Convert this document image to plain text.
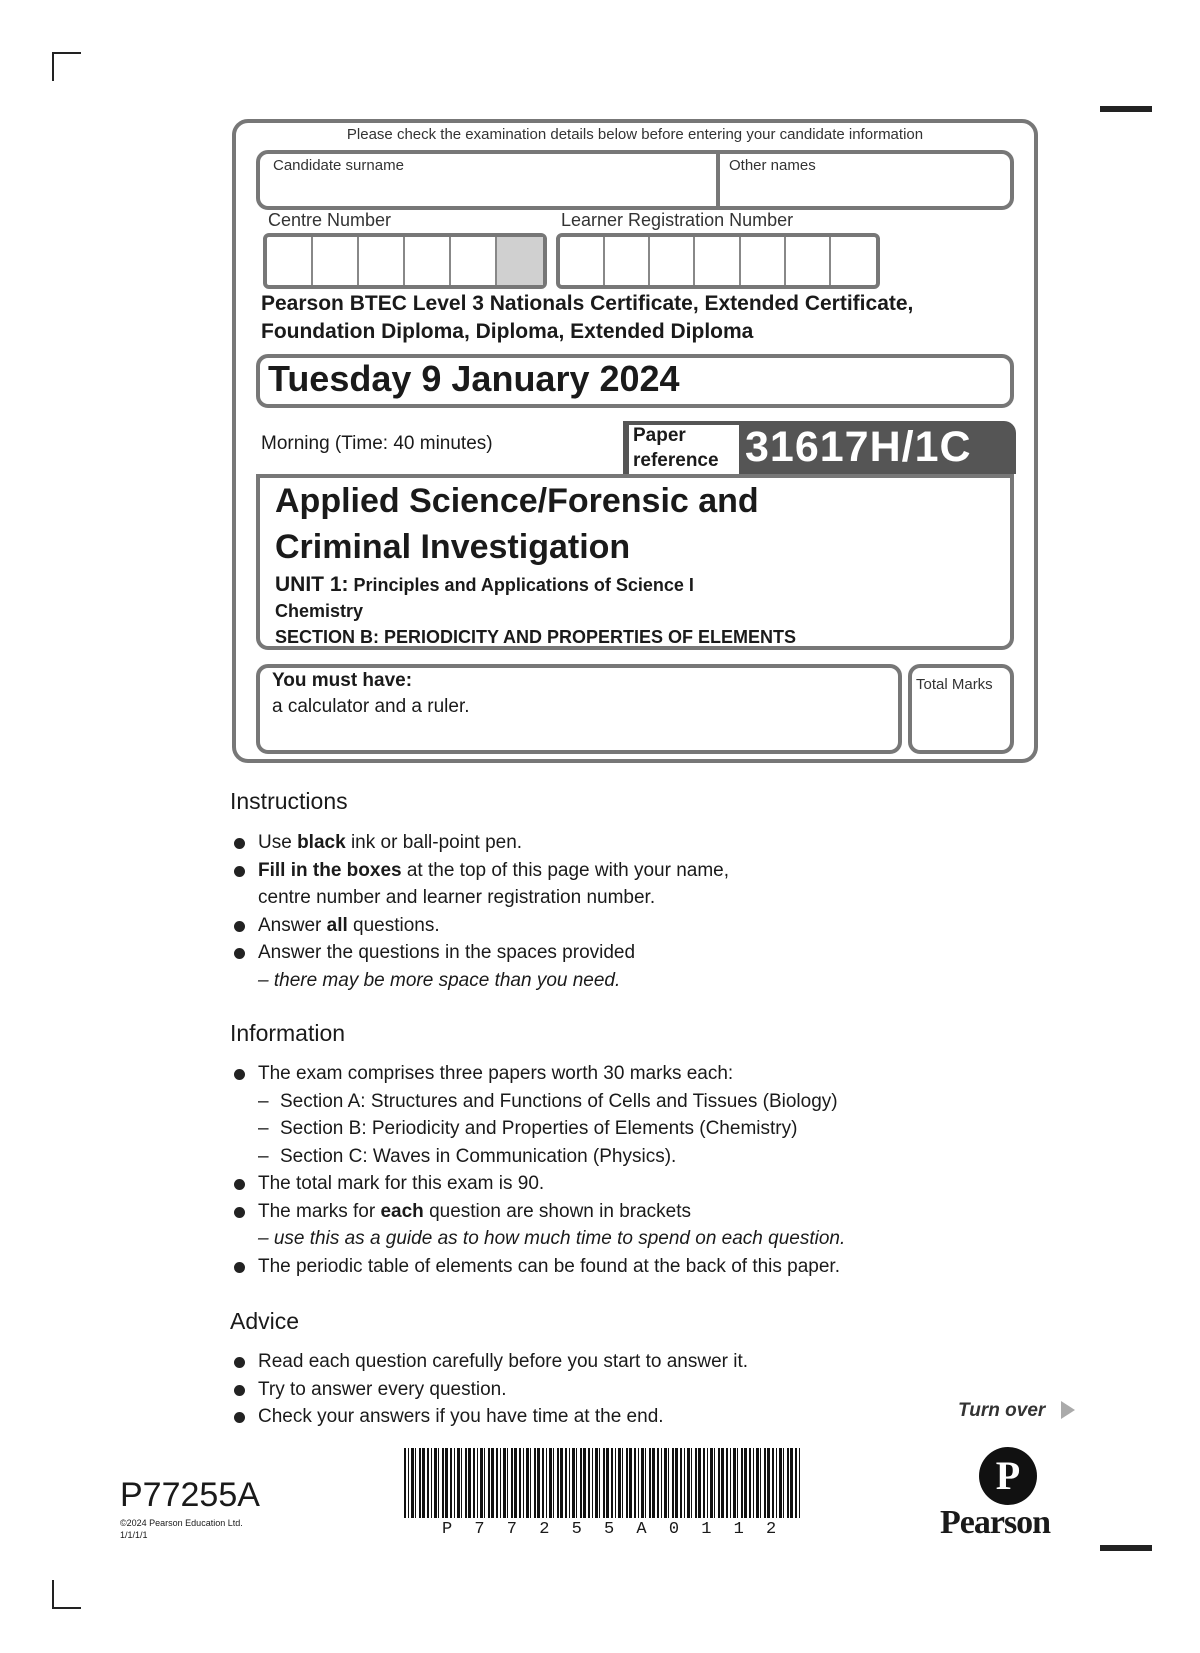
Please check the examination details below before entering your candidate information
Candidate surname	Other names
Centre Number	Learner Registration Number
Pearson BTEC Level 3 Nationals Certificate, Extended Certificate,
Foundation Diploma, Diploma, Extended Diploma
Tuesday 9 January 2024
Morning (Time: 40 minutes)	Paper
reference 31617H/1C
Applied Science/Forensic and
Criminal Investigation
UNIT 1: Principles and Applications of Science I
Chemistry
SECTION B: PERIODICITY AND PROPERTIES OF ELEMENTS
You must have:
a calculator and a ruler.
Total Marks
Instructions
Use black ink or ball-point pen.
Fill in the boxes at the top of this page with your name,
centre number and learner registration number.
Answer all questions.
Answer the questions in the spaces provided
– there may be more space than you need.
Information
The exam comprises three papers worth 30 marks each:
– Section A: Structures and Functions of Cells and Tissues (Biology)
– Section B: Periodicity and Properties of Elements (Chemistry)
– Section C: Waves in Communication (Physics).
The total mark for this exam is 90.
The marks for each question are shown in brackets
– use this as a guide as to how much time to spend on each question.
The periodic table of elements can be found at the back of this paper.
Advice
Read each question carefully before you start to answer it.
Try to answer every question.
Check your answers if you have time at the end.	Turn over
P77255A
©2024 Pearson Education Ltd.
1/1/1/1	P 7 7 2 5 5 A 0 1 1 2
P
Pearson
